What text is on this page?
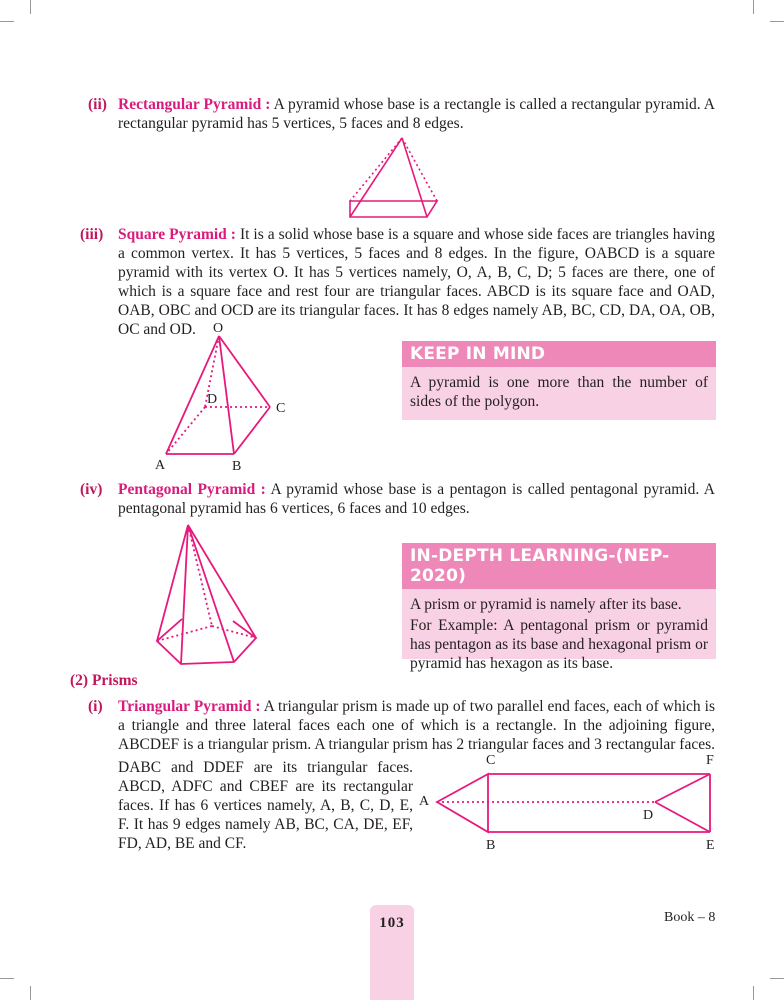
(ii) Rectangular Pyramid : A pyramid whose base is a rectangle is called a rectangular pyramid. A rectangular pyramid has 5 vertices, 5 faces and 8 edges.
(iii) Square Pyramid : It is a solid whose base is a square and whose side faces are triangles having a common vertex. It has 5 vertices, 5 faces and 8 edges. In the figure, OABCD is a square pyramid with its vertex O. It has 5 vertices namely, O, A, B, C, D; 5 faces are there, one of which is a square face and rest four are triangular faces. ABCD is its square face and OAD, OAB, OBC and OCD are its triangular faces. It has 8 edges namely AB, BC, CD, DA, OA, OB, OC and OD.	O
D
C
A	B
KEEP IN MIND
A pyramid is one more than the number of sides of the polygon.
(iv) Pentagonal Pyramid : A pyramid whose base is a pentagon is called pentagonal pyramid. A pentagonal pyramid has 6 vertices, 6 faces and 10 edges.
IN-DEPTH LEARNING-(NEP-2020)
A prism or pyramid is namely after its base.
For Example: A pentagonal prism or pyramid has pentagon as its base and hexagonal prism or pyramid has hexagon as its base.
(2) Prisms
(i) Triangular Pyramid : A triangular prism is made up of two parallel end faces, each of which is a triangle and three lateral faces each one of which is a rectangle. In the adjoining figure, ABCDEF is a triangular prism. A triangular prism has 2 triangular faces and 3 rectangular faces.
DABC and DDEF are its triangular faces. ABCD, ADFC and CBEF are its rectangular faces. If has 6 vertices namely, A, B, C, D, E, F. It has 9 edges namely AB, BC, CA, DE, EF, FD, AD, BE and CF.
C	F
A
D
B	E
103	Book – 8
